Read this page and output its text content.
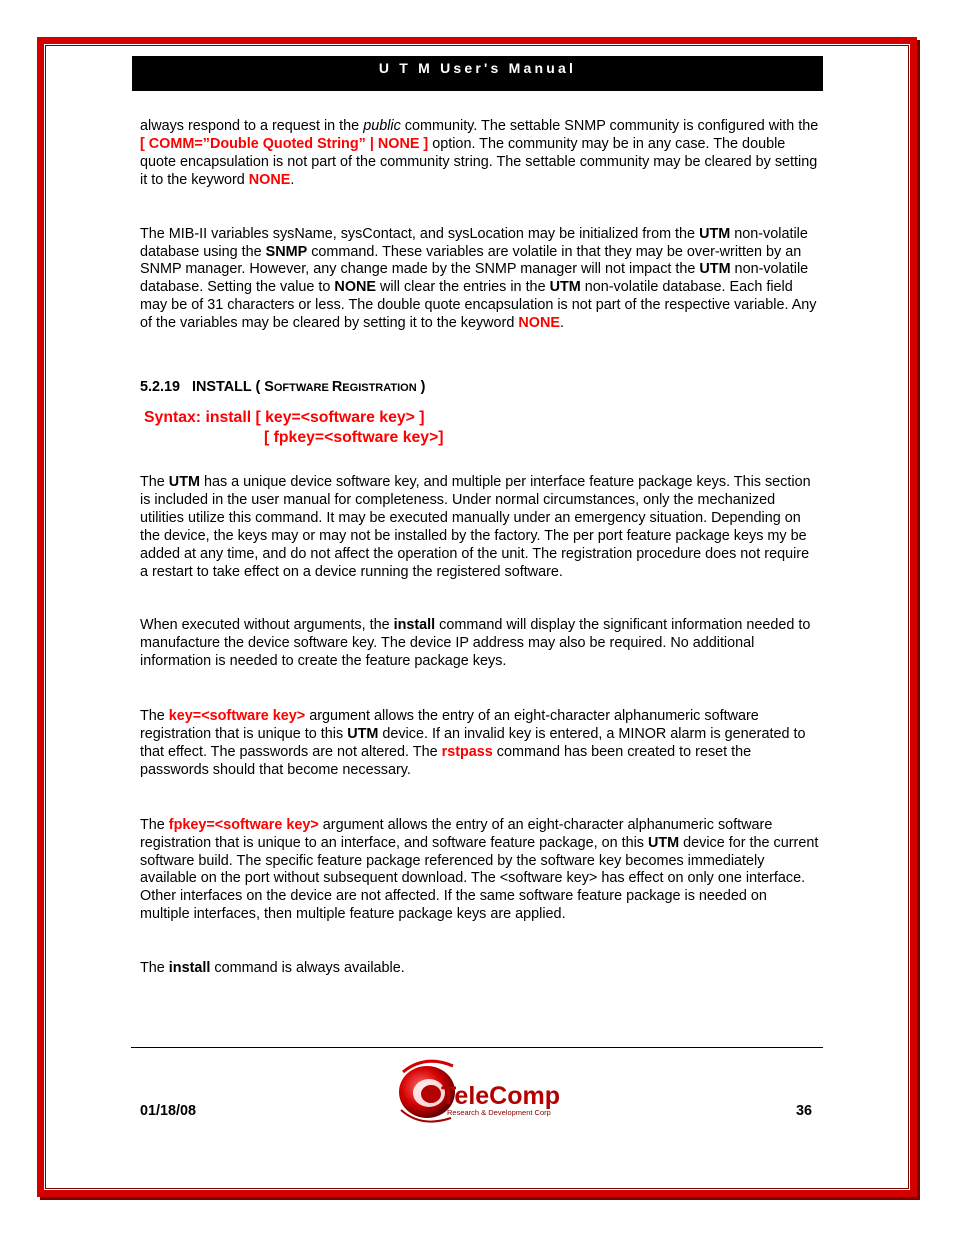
U T M User's Manual

always respond to a request in the public community. The settable SNMP community is configured with the [ COMM=”Double Quoted String” | NONE ] option. The community may be in any case. The double quote encapsulation is not part of the community string. The settable community may be cleared by setting it to the keyword NONE.

The MIB-II variables sysName, sysContact, and sysLocation may be initialized from the UTM non-volatile database using the SNMP command. These variables are volatile in that they may be over-written by an SNMP manager. However, any change made by the SNMP manager will not impact the UTM non-volatile database. Setting the value to NONE will clear the entries in the UTM non-volatile database. Each field may be of 31 characters or less. The double quote encapsulation is not part of the respective variable. Any of the variables may be cleared by setting it to the keyword NONE.

5.2.19 INSTALL ( SOFTWARE REGISTRATION )

Syntax: install [ key=<software key> ]
[ fpkey=<software key>]

The UTM has a unique device software key, and multiple per interface feature package keys. This section is included in the user manual for completeness. Under normal circumstances, only the mechanized utilities utilize this command. It may be executed manually under an emergency situation. Depending on the device, the keys may or may not be installed by the factory. The per port feature package keys my be added at any time, and do not affect the operation of the unit. The registration procedure does not require a restart to take effect on a device running the registered software.

When executed without arguments, the install command will display the significant information needed to manufacture the device software key. The device IP address may also be required. No additional information is needed to create the feature package keys.

The key=<software key> argument allows the entry of an eight-character alphanumeric software registration that is unique to this UTM device. If an invalid key is entered, a MINOR alarm is generated to that effect. The passwords are not altered. The rstpass command has been created to reset the passwords should that become necessary.

The fpkey=<software key> argument allows the entry of an eight-character alphanumeric software registration that is unique to an interface, and software feature package, on this UTM device for the current software build. The specific feature package referenced by the software key becomes immediately available on the port without subsequent download. The <software key> has effect on only one interface. Other interfaces on the device are not affected. If the same software feature package is needed on multiple interfaces, then multiple feature package keys are applied.

The install command is always available.

01/18/08
TeleComp
Research & Development Corp	36
